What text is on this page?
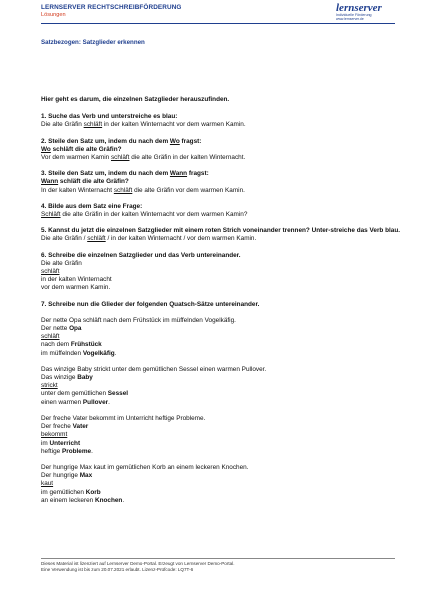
LERNSERVER RECHTSCHREIBFÖRDERUNG
Lösungen
lernserver
Individuelle Förderung
www.lernserver.de
Satzbezogen: Satzglieder erkennen
Hier geht es darum, die einzelnen Satzglieder herauszufinden.
1. Suche das Verb und unterstreiche es blau:
Die alte Gräfin schläft in der kalten Winternacht vor dem warmen Kamin.
2. Steile den Satz um, indem du nach dem Wo fragst:
Wo schläft die alte Gräfin?
Vor dem warmen Kamin schläft die alte Gräfin in der kalten Winternacht.
3. Steile den Satz um, indem du nach dem Wann fragst:
Wann schläft die alte Gräfin?
In der kalten Winternacht schläft die alte Gräfin vor dem warmen Kamin.
4. Bilde aus dem Satz eine Frage:
Schläft die alte Gräfin in der kalten Winternacht vor dem warmen Kamin?
5. Kannst du jetzt die einzelnen Satzglieder mit einem roten Strich voneinander trennen? Unter-streiche das Verb blau.
Die alte Gräfin / schläft / in der kalten Winternacht / vor dem warmen Kamin.
6. Schreibe die einzelnen Satzglieder und das Verb untereinander.
Die alte Gräfin
schläft
in der kalten Winternacht
vor dem warmen Kamin.
7. Schreibe nun die Glieder der folgenden Quatsch-Sätze untereinander.
Der nette Opa schläft nach dem Frühstück im müffelnden Vogelkäfig.
Der nette Opa
schläft
nach dem Frühstück
im müffelnden Vogelkäfig.
Das winzige Baby strickt unter dem gemütlichen Sessel einen warmen Pullover.
Das winzige Baby
strickt
unter dem gemütlichen Sessel
einen warmen Pullover.
Der freche Vater bekommt im Unterricht heftige Probleme.
Der freche Vater
bekommt
im Unterricht
heftige Probleme.
Der hungrige Max kaut im gemütlichen Korb an einem leckeren Knochen.
Der hungrige Max
kaut
im gemütlichen Korb
an einem leckeren Knochen.
Dieses Material ist lizenziert auf Lernserver Demo-Portal. Erzeugt von Lernserver Demo-Portal.
Eine Verwendung ist bis zum 20.07.2021 erlaubt. Lizenz-Prüfcode: LQ7T-6
